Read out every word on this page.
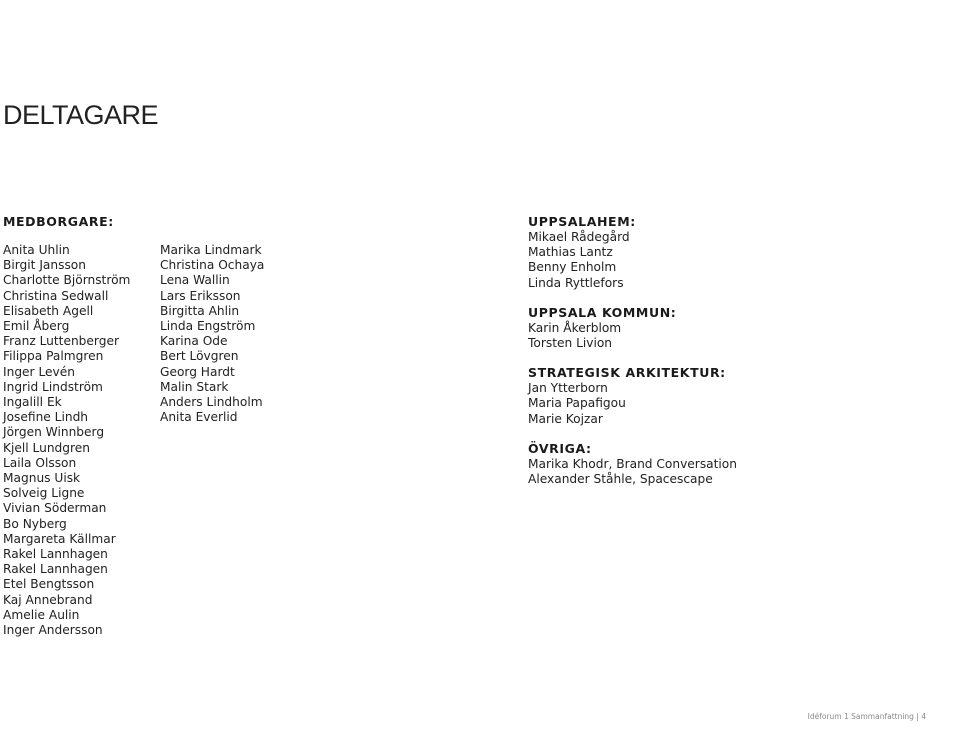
DELTAGARE
MEDBORGARE:
Anita Uhlin
Birgit Jansson
Charlotte Björnström
Christina Sedwall
Elisabeth Agell
Emil Åberg
Franz Luttenberger
Filippa Palmgren
Inger Levén
Ingrid Lindström
Ingalill Ek
Josefine Lindh
Jörgen Winnberg
Kjell Lundgren
Laila Olsson
Magnus Uisk
Solveig Ligne
Vivian Söderman
Bo Nyberg
Margareta Källmar
Rakel Lannhagen
Rakel Lannhagen
Etel Bengtsson
Kaj Annebrand
Amelie Aulin
Inger Andersson
Marika Lindmark
Christina Ochaya
Lena Wallin
Lars Eriksson
Birgitta Ahlin
Linda Engström
Karina Ode
Bert Lövgren
Georg Hardt
Malin Stark
Anders Lindholm
Anita Everlid
UPPSALAHEM:
Mikael Rådegård
Mathias Lantz
Benny Enholm
Linda Ryttlefors
UPPSALA KOMMUN:
Karin Åkerblom
Torsten Livion
STRATEGISK ARKITEKTUR:
Jan Ytterborn
Maria Papafigou
Marie Kojzar
ÖVRIGA:
Marika Khodr, Brand Conversation
Alexander Ståhle, Spacescape
Idéforum 1 Sammanfattning | 4
